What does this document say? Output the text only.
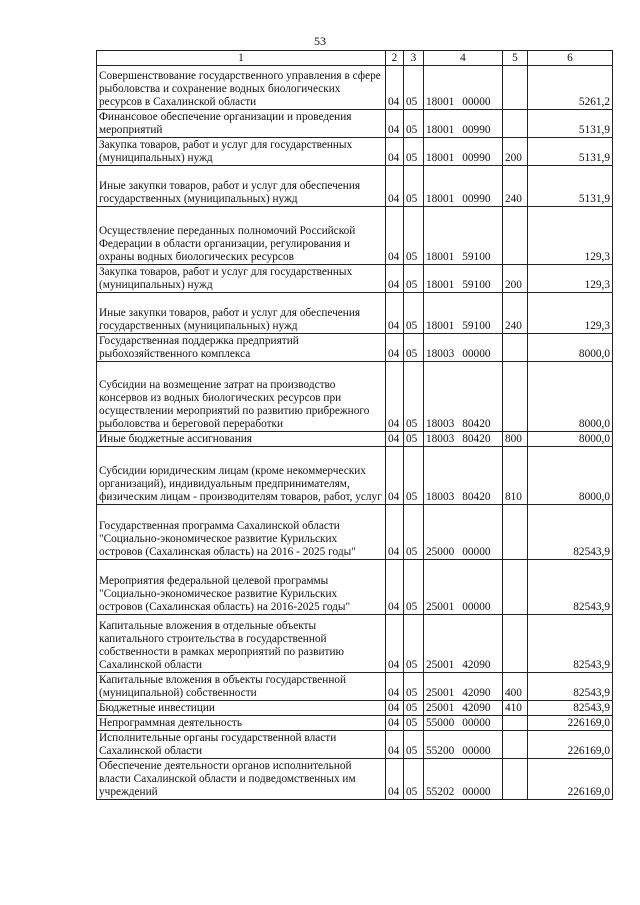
53
1	2	3	4	5	6
Совершенствование государственного управления в сфере рыболовства и сохранение водных биологических ресурсов в Сахалинской области	04	05	18001 00000		5261,2
Финансовое обеспечение организации и проведения мероприятий	04	05	18001 00990		5131,9
Закупка товаров, работ и услуг для государственных (муниципальных) нужд	04	05	18001 00990	200	5131,9
Иные закупки товаров, работ и услуг для обеспечения государственных (муниципальных) нужд	04	05	18001 00990	240	5131,9
Осуществление переданных полномочий Российской Федерации в области организации, регулирования и охраны водных биологических ресурсов	04	05	18001 59100		129,3
Закупка товаров, работ и услуг для государственных (муниципальных) нужд	04	05	18001 59100	200	129,3
Иные закупки товаров, работ и услуг для обеспечения государственных (муниципальных) нужд	04	05	18001 59100	240	129,3
Государственная поддержка предприятий рыбохозяйственного комплекса	04	05	18003 00000		8000,0
Субсидии на возмещение затрат на производство консервов из водных биологических ресурсов при осуществлении мероприятий по развитию прибрежного рыболовства и береговой переработки	04	05	18003 80420		8000,0
Иные бюджетные ассигнования	04	05	18003 80420	800	8000,0
Субсидии юридическим лицам (кроме некоммерческих организаций), индивидуальным предпринимателям, физическим лицам - производителям товаров, работ, услуг	04	05	18003 80420	810	8000,0
Государственная программа Сахалинской области "Социально-экономическое развитие Курильских островов (Сахалинская область) на 2016 - 2025 годы"	04	05	25000 00000		82543,9
Мероприятия федеральной целевой программы "Социально-экономическое развитие Курильских островов (Сахалинская область) на 2016-2025 годы"	04	05	25001 00000		82543,9
Капитальные вложения в отдельные объекты капитального строительства в государственной собственности в рамках мероприятий по развитию Сахалинской области	04	05	25001 42090		82543,9
Капитальные вложения в объекты государственной (муниципальной) собственности	04	05	25001 42090	400	82543,9
Бюджетные инвестиции	04	05	25001 42090	410	82543,9
Непрограммная деятельность	04	05	55000 00000		226169,0
Исполнительные органы государственной власти Сахалинской области	04	05	55200 00000		226169,0
Обеспечение деятельности органов исполнительной власти Сахалинской области и подведомственных им учреждений	04	05	55202 00000		226169,0
